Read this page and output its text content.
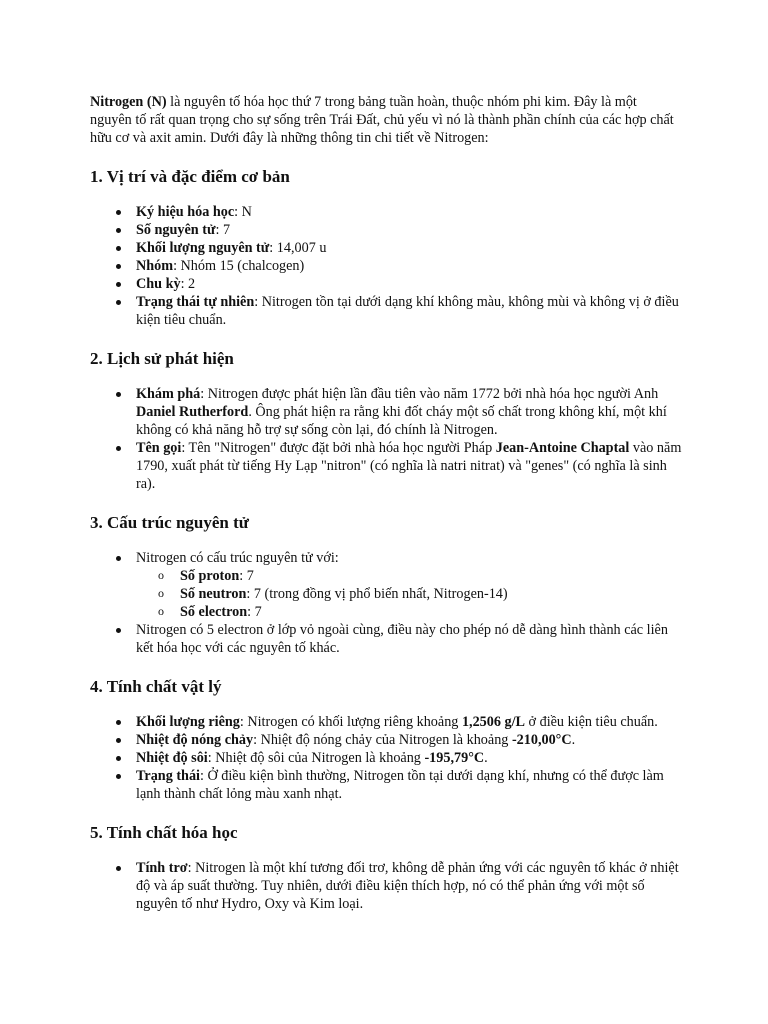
Nitrogen (N) là nguyên tố hóa học thứ 7 trong bảng tuần hoàn, thuộc nhóm phi kim. Đây là một nguyên tố rất quan trọng cho sự sống trên Trái Đất, chủ yếu vì nó là thành phần chính của các hợp chất hữu cơ và axit amin. Dưới đây là những thông tin chi tiết về Nitrogen:

1. Vị trí và đặc điểm cơ bản
Ký hiệu hóa học: N
Số nguyên tử: 7
Khối lượng nguyên tử: 14,007 u
Nhóm: Nhóm 15 (chalcogen)
Chu kỳ: 2
Trạng thái tự nhiên: Nitrogen tồn tại dưới dạng khí không màu, không mùi và không vị ở điều kiện tiêu chuẩn.
2. Lịch sử phát hiện
Khám phá: Nitrogen được phát hiện lần đầu tiên vào năm 1772 bởi nhà hóa học người Anh Daniel Rutherford. Ông phát hiện ra rằng khi đốt cháy một số chất trong không khí, một khí không có khả năng hỗ trợ sự sống còn lại, đó chính là Nitrogen.
Tên gọi: Tên "Nitrogen" được đặt bởi nhà hóa học người Pháp Jean-Antoine Chaptal vào năm 1790, xuất phát từ tiếng Hy Lạp "nitron" (có nghĩa là natri nitrat) và "genes" (có nghĩa là sinh ra).
3. Cấu trúc nguyên tử
Nitrogen có cấu trúc nguyên tử với:
o Số proton: 7
o Số neutron: 7 (trong đồng vị phổ biến nhất, Nitrogen-14)
o Số electron: 7
Nitrogen có 5 electron ở lớp vỏ ngoài cùng, điều này cho phép nó dễ dàng hình thành các liên kết hóa học với các nguyên tố khác.
4. Tính chất vật lý
Khối lượng riêng: Nitrogen có khối lượng riêng khoảng 1,2506 g/L ở điều kiện tiêu chuẩn.
Nhiệt độ nóng chảy: Nhiệt độ nóng chảy của Nitrogen là khoảng -210,00°C.
Nhiệt độ sôi: Nhiệt độ sôi của Nitrogen là khoảng -195,79°C.
Trạng thái: Ở điều kiện bình thường, Nitrogen tồn tại dưới dạng khí, nhưng có thể được làm lạnh thành chất lỏng màu xanh nhạt.
5. Tính chất hóa học
Tính trơ: Nitrogen là một khí tương đối trơ, không dễ phản ứng với các nguyên tố khác ở nhiệt độ và áp suất thường. Tuy nhiên, dưới điều kiện thích hợp, nó có thể phản ứng với một số nguyên tố như Hydro, Oxy và Kim loại.
